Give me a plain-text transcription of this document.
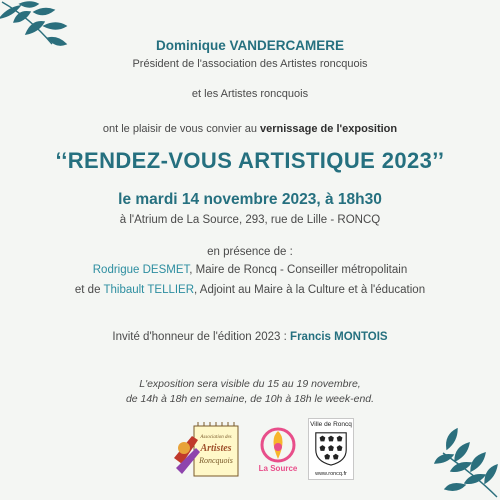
Dominique VANDERCAMERE
Président de l'association des Artistes roncquois
et les Artistes roncquois
ont le plaisir de vous convier au vernissage de l'exposition
‘‘RENDEZ-VOUS ARTISTIQUE 2023’’
le mardi 14 novembre 2023, à 18h30
à l'Atrium de La Source, 293, rue de Lille - RONCQ
en présence de :
Rodrigue DESMET, Maire de Roncq - Conseiller métropolitain
et de Thibault TELLIER, Adjoint au Maire à la Culture et à l'éducation
Invité d'honneur de l'édition 2023 : Francis MONTOIS
L'exposition sera visible du 15 au 19 novembre,
de 14h à 18h en semaine, de 10h à 18h le week-end.
Association des
Artistes
Roncquois
La Source
Ville de Roncq
www.roncq.fr
